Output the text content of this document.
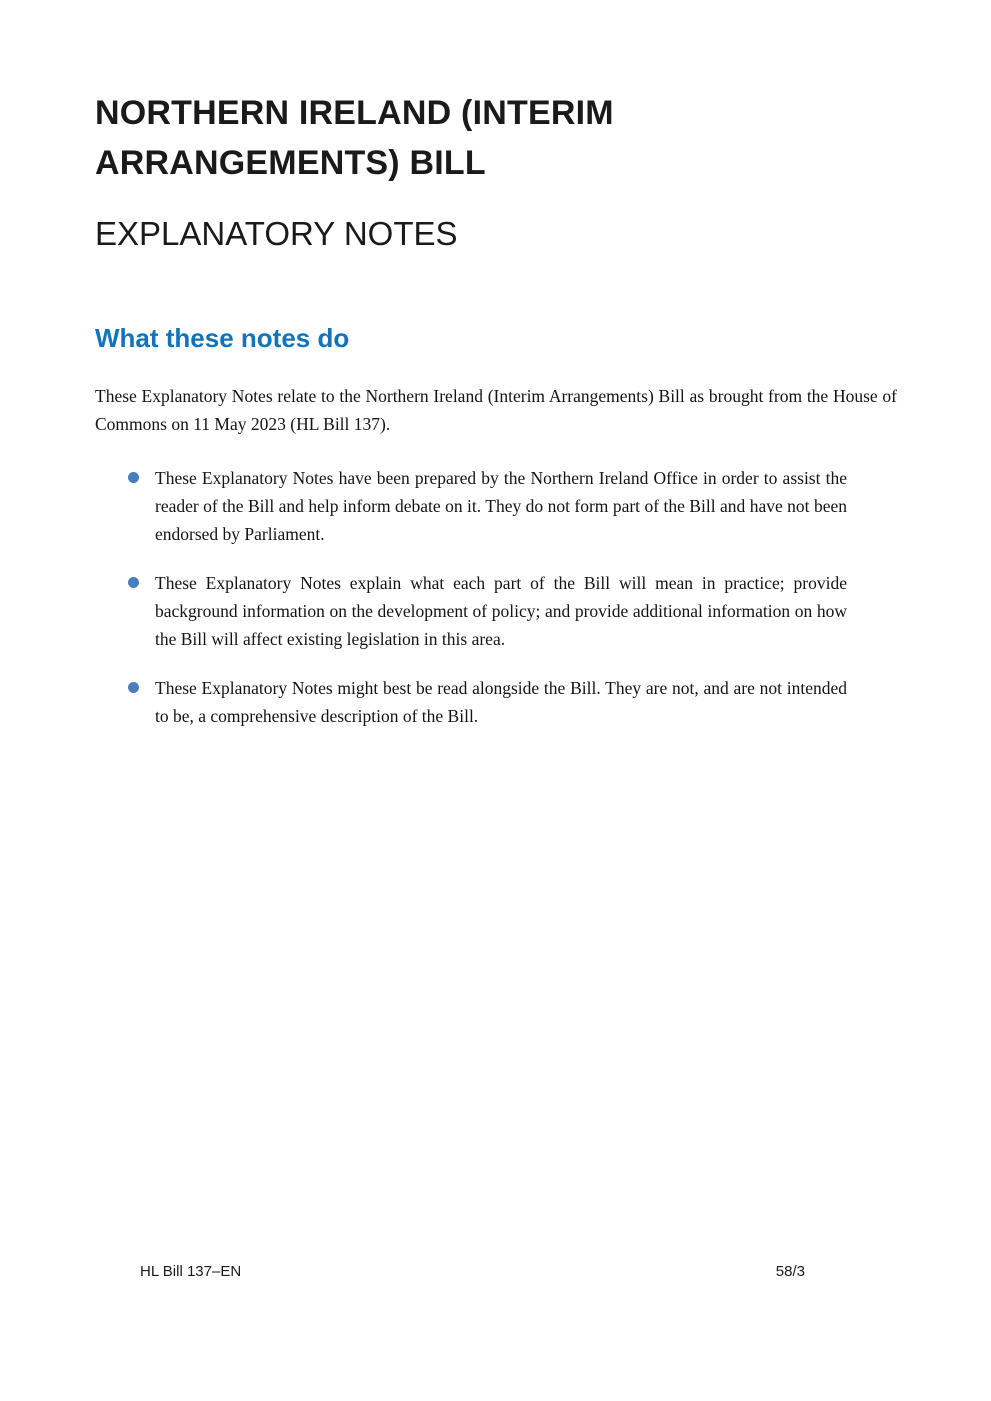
NORTHERN IRELAND (INTERIM ARRANGEMENTS) BILL
EXPLANATORY NOTES
What these notes do

These Explanatory Notes relate to the Northern Ireland (Interim Arrangements) Bill as brought from the House of Commons on 11 May 2023 (HL Bill 137).

These Explanatory Notes have been prepared by the Northern Ireland Office in order to assist the reader of the Bill and help inform debate on it. They do not form part of the Bill and have not been endorsed by Parliament.
These Explanatory Notes explain what each part of the Bill will mean in practice; provide background information on the development of policy; and provide additional information on how the Bill will affect existing legislation in this area.
These Explanatory Notes might best be read alongside the Bill. They are not, and are not intended to be, a comprehensive description of the Bill.
HL Bill 137–EN	58/3
